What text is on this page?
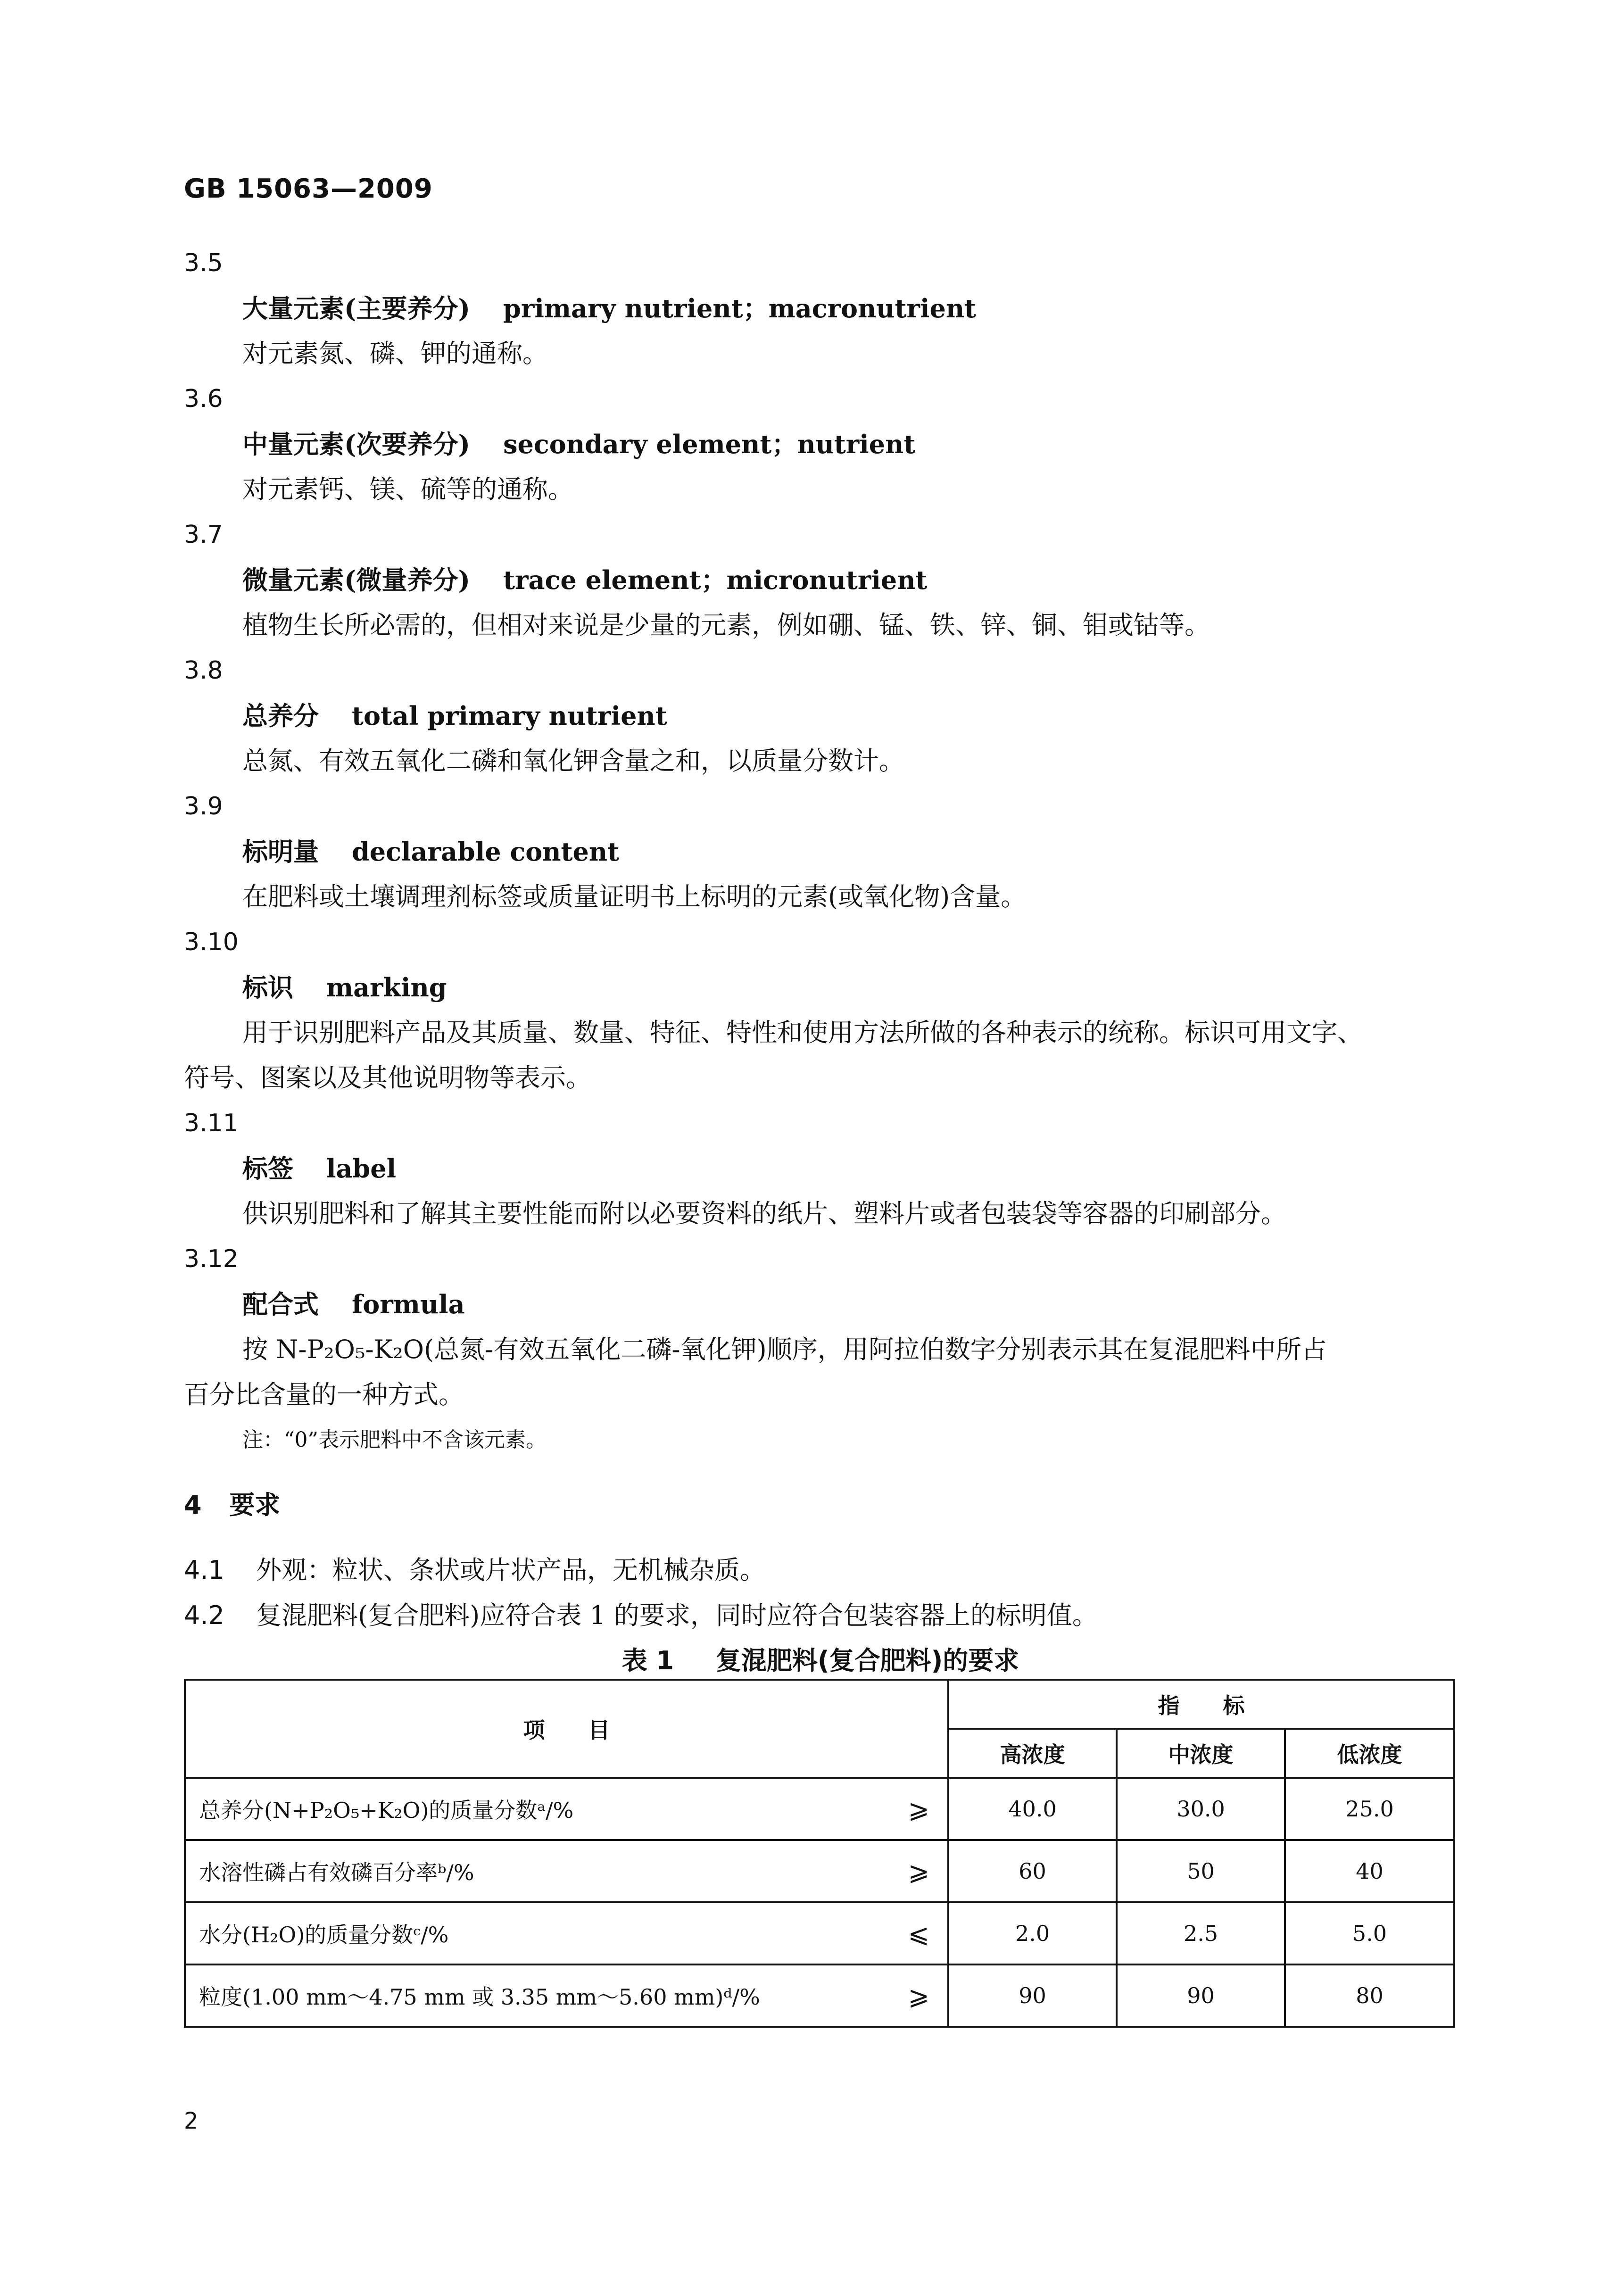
GB 15063—2009
3.5
大量元素(主要养分) primary nutrient；macronutrient
对元素氮、磷、钾的通称。
3.6
中量元素(次要养分) secondary element；nutrient
对元素钙、镁、硫等的通称。
3.7
微量元素(微量养分) trace element；micronutrient
植物生长所必需的，但相对来说是少量的元素，例如硼、锰、铁、锌、铜、钼或钴等。
3.8
总养分 total primary nutrient
总氮、有效五氧化二磷和氧化钾含量之和，以质量分数计。
3.9
标明量 declarable content
在肥料或土壤调理剂标签或质量证明书上标明的元素(或氧化物)含量。
3.10
标识 marking
用于识别肥料产品及其质量、数量、特征、特性和使用方法所做的各种表示的统称。标识可用文字、
符号、图案以及其他说明物等表示。
3.11
标签 label
供识别肥料和了解其主要性能而附以必要资料的纸片、塑料片或者包装袋等容器的印刷部分。
3.12
配合式 formula
按 N-P₂O₅-K₂O(总氮-有效五氧化二磷-氧化钾)顺序，用阿拉伯数字分别表示其在复混肥料中所占
百分比含量的一种方式。
注：“0”表示肥料中不含该元素。
4 要求
4.1 外观：粒状、条状或片状产品，无机械杂质。
4.2 复混肥料(复合肥料)应符合表 1 的要求，同时应符合包装容器上的标明值。
表 1 复混肥料(复合肥料)的要求
项　　目		指　　标		
		高浓度	中浓度	低浓度
总养分(N+P₂O₅+K₂O)的质量分数ᵃ/%	⩾	40.0	30.0	25.0
水溶性磷占有效磷百分率ᵇ/%	⩾	60	50	40
水分(H₂O)的质量分数ᶜ/%	⩽	2.0	2.5	5.0
粒度(1.00 mm～4.75 mm 或 3.35 mm～5.60 mm)ᵈ/%	⩾	90	90	80
2
